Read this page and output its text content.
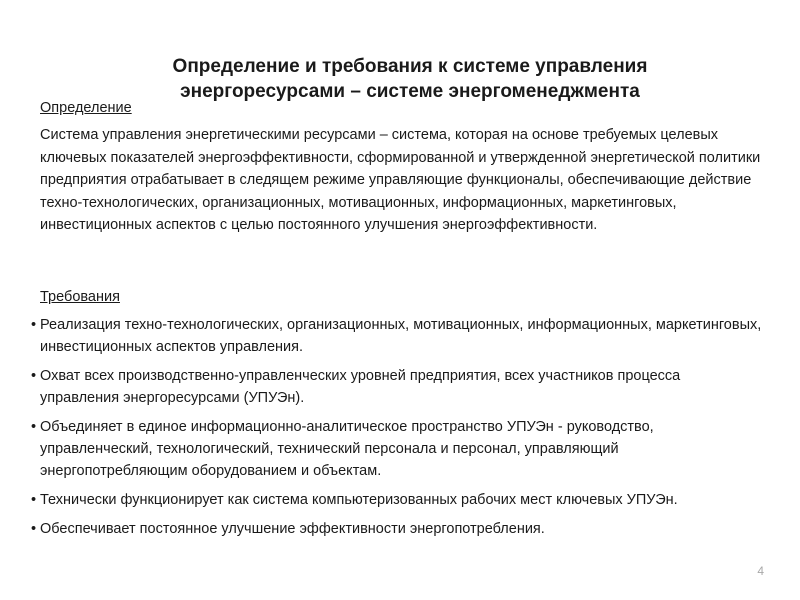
Определение и требования к системе управления энергоресурсами – системе энергоменеджмента
Определение
Система управления энергетическими ресурсами – система, которая на основе требуемых целевых ключевых показателей энергоэффективности, сформированной и утвержденной энергетической политики предприятия отрабатывает в следящем режиме управляющие функционалы, обеспечивающие действие техно-технологических, организационных, мотивационных, информационных, маркетинговых, инвестиционных аспектов с целью постоянного улучшения энергоэффективности.
Требования
• Реализация техно-технологических, организационных, мотивационных, информационных, маркетинговых, инвестиционных аспектов управления.
• Охват всех производственно-управленческих уровней предприятия, всех участников процесса управления энергоресурсами (УПУЭн).
• Объединяет в единое информационно-аналитическое пространство УПУЭн - руководство, управленческий, технологический, технический персонала и персонал, управляющий энергопотребляющим оборудованием и объектам.
• Технически функционирует как система компьютеризованных рабочих мест ключевых УПУЭн.
• Обеспечивает постоянное улучшение эффективности энергопотребления.
4
